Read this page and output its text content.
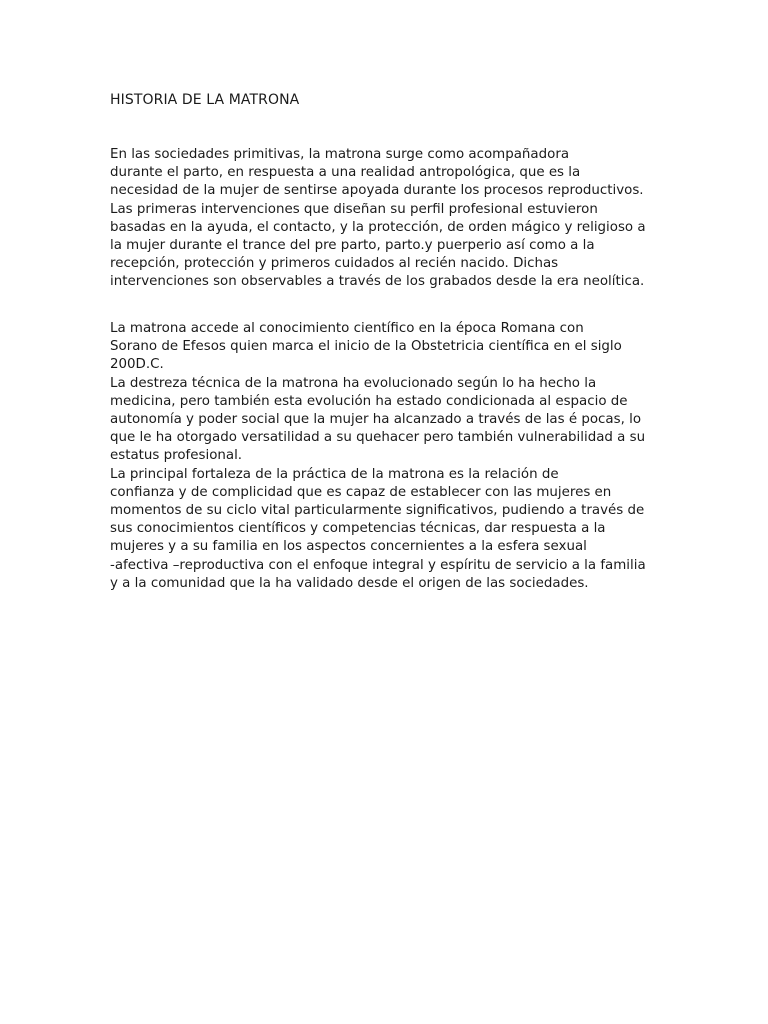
HISTORIA DE LA MATRONA
En las sociedades primitivas, la matrona surge como acompañadora
durante el parto, en respuesta a una realidad antropológica, que es la
necesidad de la mujer de sentirse apoyada durante los procesos reproductivos.
Las primeras intervenciones que diseñan su perfil profesional estuvieron
basadas en la ayuda, el contacto, y la protección, de orden mágico y religioso a
la mujer durante el trance del pre parto, parto.y puerperio así como a la
recepción, protección y primeros cuidados al recién nacido. Dichas
intervenciones son observables a través de los grabados desde la era neolítica.
La matrona accede al conocimiento científico en la época Romana con
Sorano de Efesos quien marca el inicio de la Obstetricia científica en el siglo
200D.C.
La destreza técnica de la matrona ha evolucionado según lo ha hecho la
medicina, pero también esta evolución ha estado condicionada al espacio de
autonomía y poder social que la mujer ha alcanzado a través de las é pocas, lo
que le ha otorgado versatilidad a su quehacer pero también vulnerabilidad a su
estatus profesional.
La principal fortaleza de la práctica de la matrona es la relación de
confianza y de complicidad que es capaz de establecer con las mujeres en
momentos de su ciclo vital particularmente significativos, pudiendo a través de
sus conocimientos científicos y competencias técnicas, dar respuesta a la
mujeres y a su familia en los aspectos concernientes a la esfera sexual
-afectiva –reproductiva con el enfoque integral y espíritu de servicio a la familia
y a la comunidad que la ha validado desde el origen de las sociedades.
